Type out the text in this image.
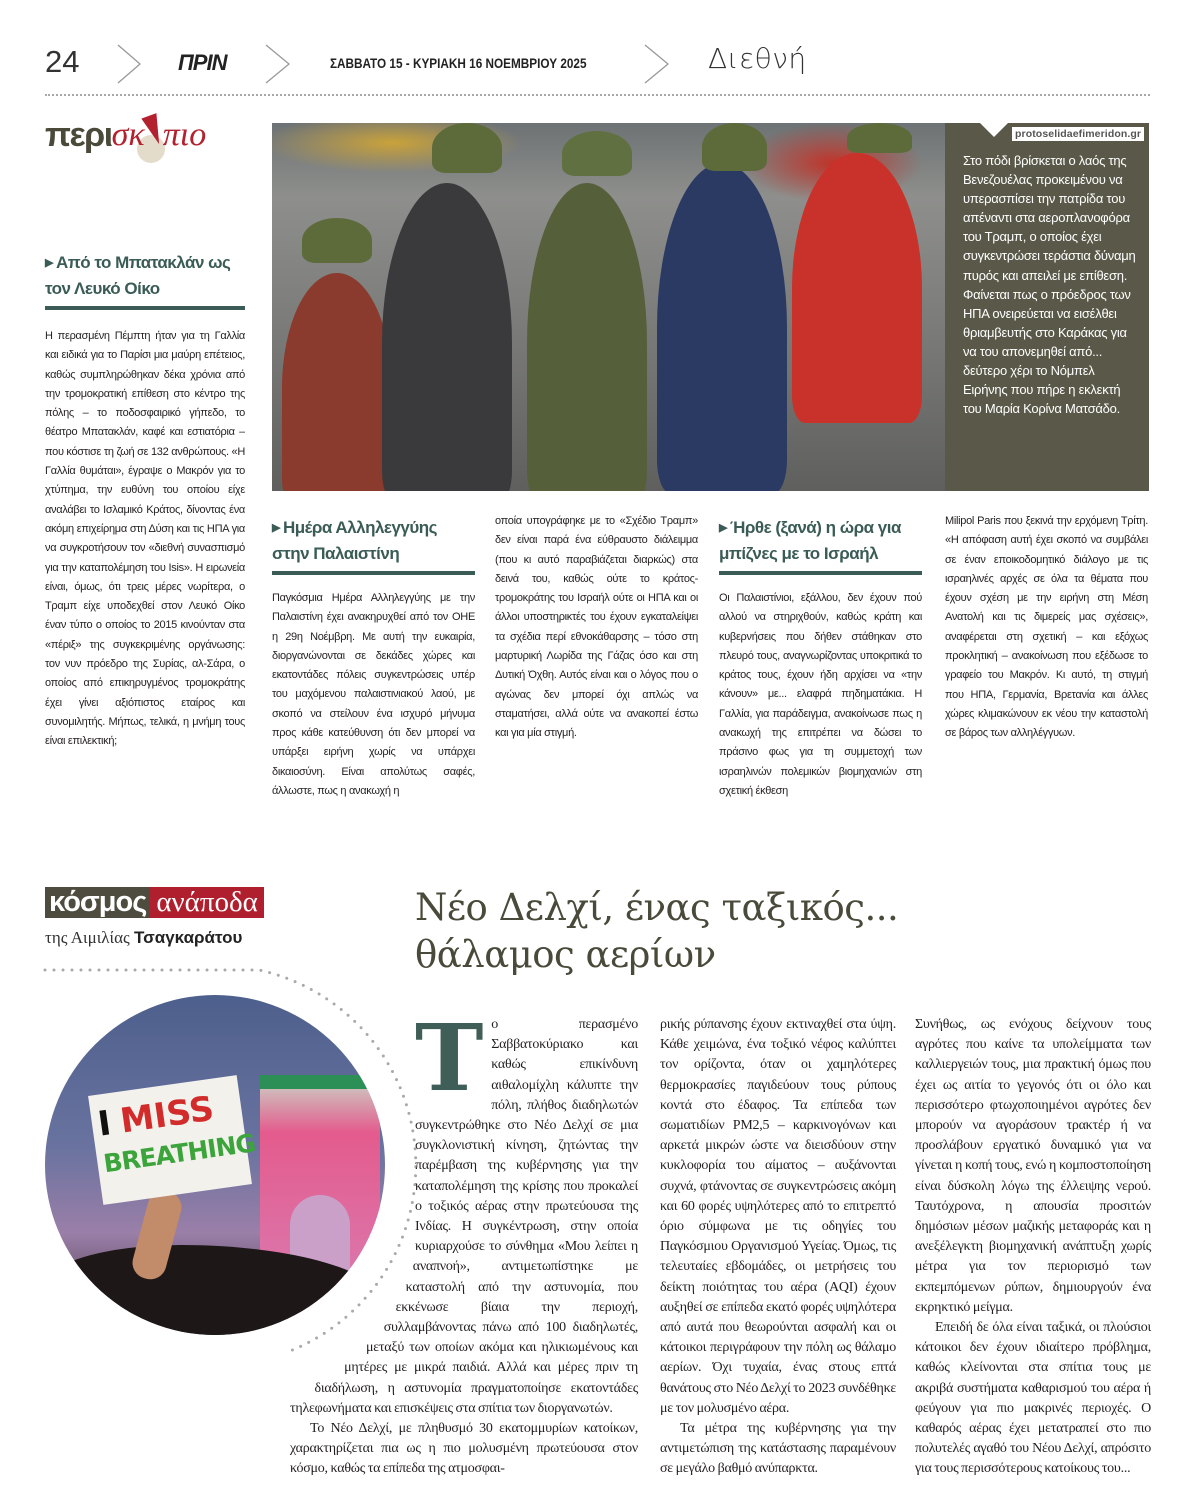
24	ΠΡΙΝ	ΣΑΒΒΑΤΟ 15 - ΚΥΡΙΑΚΗ 16 ΝΟΕΜΒΡΙΟΥ 2025	Διεθνή
περι σκ πιο
Στο πόδι βρίσκεται ο λαός της Βενεζουέλας προκειμένου να υπερασπίσει την πατρίδα του απέναντι στα αεροπλανοφόρα του Τραμπ, ο οποίος έχει συγκεντρώσει τεράστια δύναμη πυρός και απειλεί με επίθεση. Φαίνεται πως ο πρόεδρος των ΗΠΑ ονειρεύεται να εισέλθει θριαμβευτής στο Καράκας για να του απονεμηθεί από... δεύτερο χέρι το Νόμπελ Ειρήνης που πήρε η εκλεκτή του Μαρία Κορίνα Ματσάδο.
protoselidaefimeridon.gr
▶ Από το Μπατακλάν ως τον Λευκό Οίκο
Η περασμένη Πέμπτη ήταν για τη Γαλλία και ειδικά για το Παρίσι μια μαύρη επέτειος, καθώς συμπληρώθηκαν δέκα χρόνια από την τρομοκρατική επίθεση στο κέντρο της πόλης – το ποδοσφαιρικό γήπεδο, το θέατρο Μπατακλάν, καφέ και εστιατόρια – που κόστισε τη ζωή σε 132 ανθρώπους. «Η Γαλλία θυμάται», έγραψε ο Μακρόν για το χτύπημα, την ευθύνη του οποίου είχε αναλάβει το Ισλαμικό Κράτος, δίνοντας ένα ακόμη επιχείρημα στη Δύση και τις ΗΠΑ για να συγκροτήσουν τον «διεθνή συνασπισμό για την καταπολέμηση του Isis». Η ειρωνεία είναι, όμως, ότι τρεις μέρες νωρίτερα, ο Τραμπ είχε υποδεχθεί στον Λευκό Οίκο έναν τύπο ο οποίος το 2015 κινούνταν στα «πέριξ» της συγκεκριμένης οργάνωσης: τον νυν πρόεδρο της Συρίας, αλ-Σάρα, ο οποίος από επικηρυγμένος τρομοκράτης έχει γίνει αξιόπιστος εταίρος και συνομιλητής. Μήπως, τελικά, η μνήμη τους είναι επιλεκτική;
▶ Ημέρα Αλληλεγγύης στην Παλαιστίνη
Παγκόσμια Ημέρα Αλληλεγγύης με την Παλαιστίνη έχει ανακηρυχθεί από τον ΟΗΕ η 29η Νοέμβρη. Με αυτή την ευκαιρία, διοργανώνονται σε δεκάδες χώρες και εκατοντάδες πόλεις συγκεντρώσεις υπέρ του μαχόμενου παλαιστινιακού λαού, με σκοπό να στείλουν ένα ισχυρό μήνυμα προς κάθε κατεύθυνση ότι δεν μπορεί να υπάρξει ειρήνη χωρίς να υπάρχει δικαιοσύνη. Είναι απολύτως σαφές, άλλωστε, πως η ανακωχή η
οποία υπογράφηκε με το «Σχέδιο Τραμπ» δεν είναι παρά ένα εύθραυστο διάλειμμα (που κι αυτό παραβιάζεται διαρκώς) στα δεινά του, καθώς ούτε το κράτος-τρομοκράτης του Ισραήλ ούτε οι ΗΠΑ και οι άλλοι υποστηρικτές του έχουν εγκαταλείψει τα σχέδια περί εθνοκάθαρσης – τόσο στη μαρτυρική Λωρίδα της Γάζας όσο και στη Δυτική Όχθη. Αυτός είναι και ο λόγος που ο αγώνας δεν μπορεί όχι απλώς να σταματήσει, αλλά ούτε να ανακοπεί έστω και για μία στιγμή.
▶ Ήρθε (ξανά) η ώρα για μπίζνες με το Ισραήλ
Οι Παλαιστίνιοι, εξάλλου, δεν έχουν πού αλλού να στηριχθούν, καθώς κράτη και κυβερνήσεις που δήθεν στάθηκαν στο πλευρό τους, αναγνωρίζοντας υποκριτικά το κράτος τους, έχουν ήδη αρχίσει να «την κάνουν» με... ελαφρά πηδηματάκια. Η Γαλλία, για παράδειγμα, ανακοίνωσε πως η ανακωχή της επιτρέπει να δώσει το πράσινο φως για τη συμμετοχή των ισραηλινών πολεμικών βιομηχανιών στη σχετική έκθεση
Milipol Paris που ξεκινά την ερχόμενη Τρίτη. «Η απόφαση αυτή έχει σκοπό να συμβάλει σε έναν εποικοδομητικό διάλογο με τις ισραηλινές αρχές σε όλα τα θέματα που έχουν σχέση με την ειρήνη στη Μέση Ανατολή και τις διμερείς μας σχέσεις», αναφέρεται στη σχετική – και εξόχως προκλητική – ανακοίνωση που εξέδωσε το γραφείο του Μακρόν. Κι αυτό, τη στιγμή που ΗΠΑ, Γερμανία, Βρετανία και άλλες χώρες κλιμακώνουν εκ νέου την καταστολή σε βάρος των αλληλέγγυων.
κόσμος ανάποδα
της Αιμιλίας Τσαγκαράτου
I MISS
BREATHING
Νέο Δελχί, ένας ταξικός...
θάλαμος αερίων
Τ ο περασμένο Σαββατοκύριακο και καθώς επικίνδυνη αιθαλομίχλη κάλυπτε την πόλη, πλήθος διαδηλωτών συγκεντρώθηκε στο Νέο Δελχί σε μια συγκλονιστική κίνηση, ζητώντας την παρέμβαση της κυβέρνησης για την καταπολέμηση της κρίσης που προκαλεί ο τοξικός αέρας στην πρωτεύουσα της Ινδίας. Η συγκέντρωση, στην οποία κυριαρχούσε το σύνθημα «Μου λείπει η αναπνοή», αντιμετωπίστηκε με καταστολή από την αστυνομία, που εκκένωσε βίαια την περιοχή, συλλαμβάνοντας πάνω από 100 διαδηλωτές, μεταξύ των οποίων ακόμα και ηλικιωμένους και μητέρες με μικρά παιδιά. Αλλά και μέρες πριν τη διαδήλωση, η αστυνομία πραγματοποίησε εκατοντάδες τηλεφωνήματα και επισκέψεις στα σπίτια των διοργανωτών.

Το Νέο Δελχί, με πληθυσμό 30 εκατομμυρίων κατοίκων, χαρακτηρίζεται πια ως η πιο μολυσμένη πρωτεύουσα στον κόσμο, καθώς τα επίπεδα της ατμοσφαι-

ρικής ρύπανσης έχουν εκτιναχθεί στα ύψη. Κάθε χειμώνα, ένα τοξικό νέφος καλύπτει τον ορίζοντα, όταν οι χαμηλότερες θερμοκρασίες παγιδεύουν τους ρύπους κοντά στο έδαφος. Τα επίπεδα των σωματιδίων PM2,5 – καρκινογόνων και αρκετά μικρών ώστε να διεισδύουν στην κυκλοφορία του αίματος – αυξάνονται συχνά, φτάνοντας σε συγκεντρώσεις ακόμη και 60 φορές υψηλότερες από το επιτρεπτό όριο σύμφωνα με τις οδηγίες του Παγκόσμιου Οργανισμού Υγείας. Όμως, τις τελευταίες εβδομάδες, οι μετρήσεις του δείκτη ποιότητας του αέρα (AQI) έχουν αυξηθεί σε επίπεδα εκατό φορές υψηλότερα από αυτά που θεωρούνται ασφαλή και οι κάτοικοι περιγράφουν την πόλη ως θάλαμο αερίων. Όχι τυχαία, ένας στους επτά θανάτους στο Νέο Δελχί το 2023 συνδέθηκε με τον μολυσμένο αέρα.

Τα μέτρα της κυβέρνησης για την αντιμετώπιση της κατάστασης παραμένουν σε μεγάλο βαθμό ανύπαρκτα.

Συνήθως, ως ενόχους δείχνουν τους αγρότες που καίνε τα υπολείμματα των καλλιεργειών τους, μια πρακτική όμως που έχει ως αιτία το γεγονός ότι οι όλο και περισσότερο φτωχοποιημένοι αγρότες δεν μπορούν να αγοράσουν τρακτέρ ή να προσλάβουν εργατικό δυναμικό για να γίνεται η κοπή τους, ενώ η κομποστοποίηση είναι δύσκολη λόγω της έλλειψης νερού. Ταυτόχρονα, η απουσία προσιτών δημόσιων μέσων μαζικής μεταφοράς και η ανεξέλεγκτη βιομηχανική ανάπτυξη χωρίς μέτρα για τον περιορισμό των εκπεμπόμενων ρύπων, δημιουργούν ένα εκρηκτικό μείγμα.

Επειδή δε όλα είναι ταξικά, οι πλούσιοι κάτοικοι δεν έχουν ιδιαίτερο πρόβλημα, καθώς κλείνονται στα σπίτια τους με ακριβά συστήματα καθαρισμού του αέρα ή φεύγουν για πιο μακρινές περιοχές. Ο καθαρός αέρας έχει μετατραπεί στο πιο πολυτελές αγαθό του Νέου Δελχί, απρόσιτο για τους περισσότερους κατοίκους του...
